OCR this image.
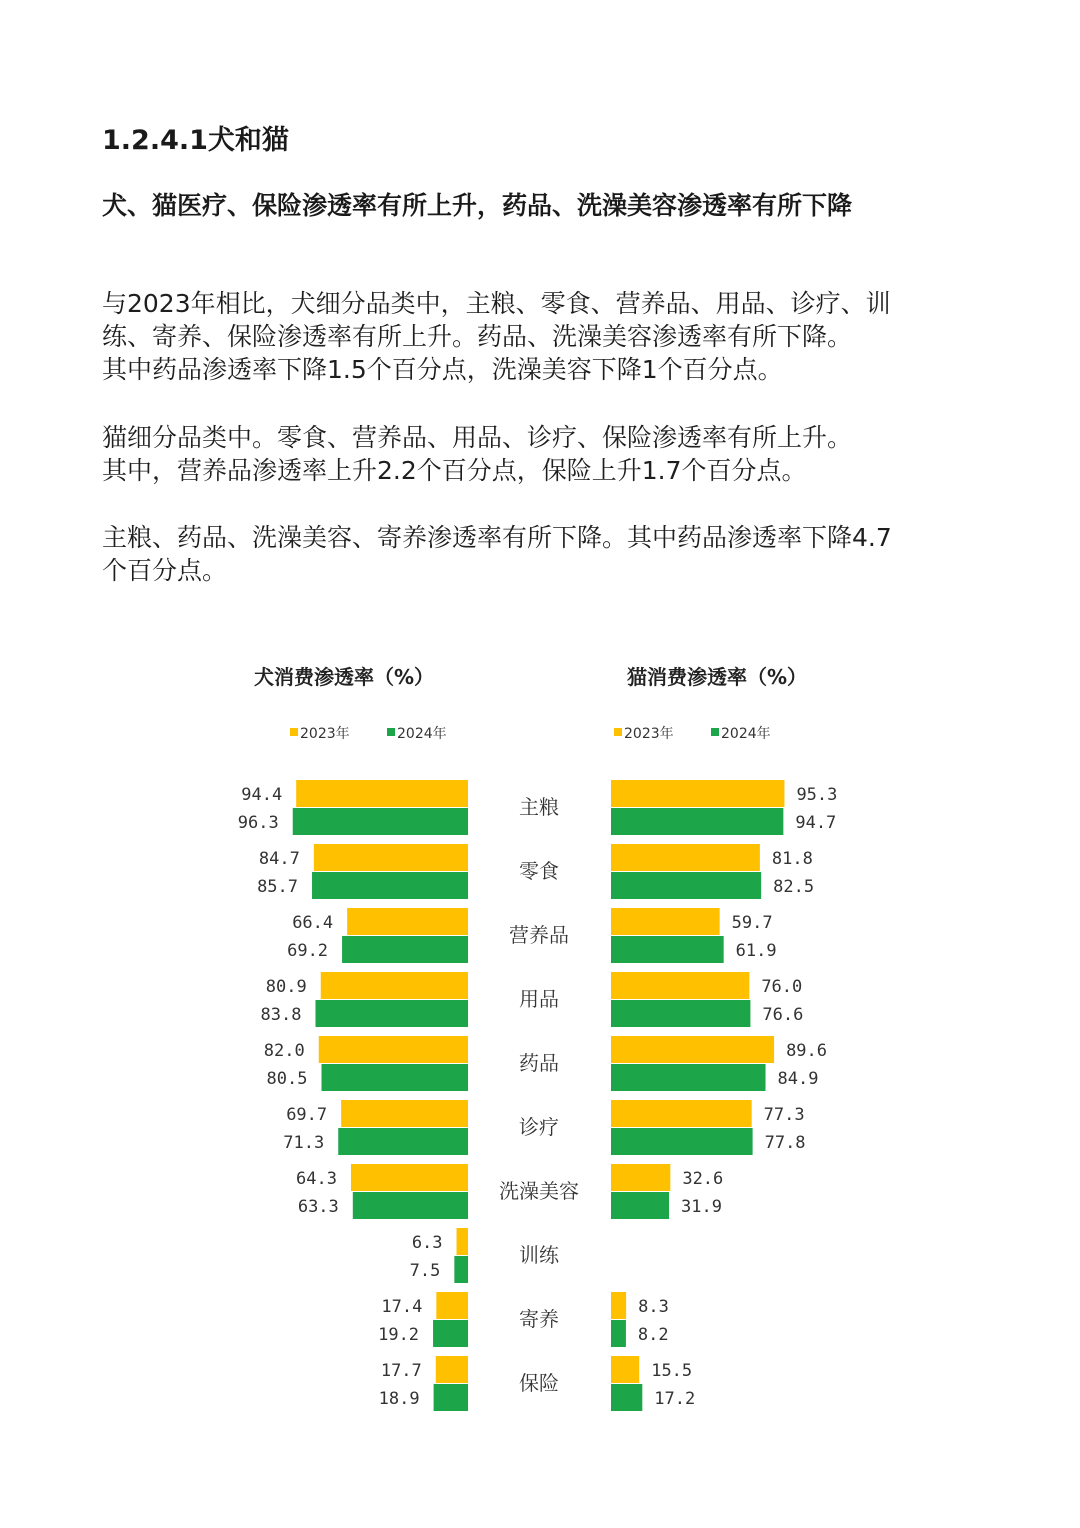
1.2.4.1犬和猫
犬、猫医疗、保险渗透率有所上升，药品、洗澡美容渗透率有所下降
与2023年相比，犬细分品类中，主粮、零食、营养品、用品、诊疗、训
练、寄养、保险渗透率有所上升。药品、洗澡美容渗透率有所下降。
其中药品渗透率下降1.5个百分点，洗澡美容下降1个百分点。
猫细分品类中。零食、营养品、用品、诊疗、保险渗透率有所上升。
其中，营养品渗透率上升2.2个百分点，保险上升1.7个百分点。
主粮、药品、洗澡美容、寄养渗透率有所下降。其中药品渗透率下降4.7
个百分点。
主粮
零食
营养品
用品
药品
诊疗
洗澡美容
训练
寄养
保险
犬消费渗透率（%）
2023年	2024年
94.4
84.7
66.4
80.9
82.0
69.7
64.3
6.3
17.4
17.7
96.3
85.7
69.2
83.8
80.5
71.3
63.3
7.5
19.2
18.9
猫消费渗透率（%）
2023年	2024年
95.3
81.8
59.7
76.0
89.6
77.3
32.6
8.3
15.5
94.7
82.5
61.9
76.6
84.9
77.8
31.9
8.2
17.2
